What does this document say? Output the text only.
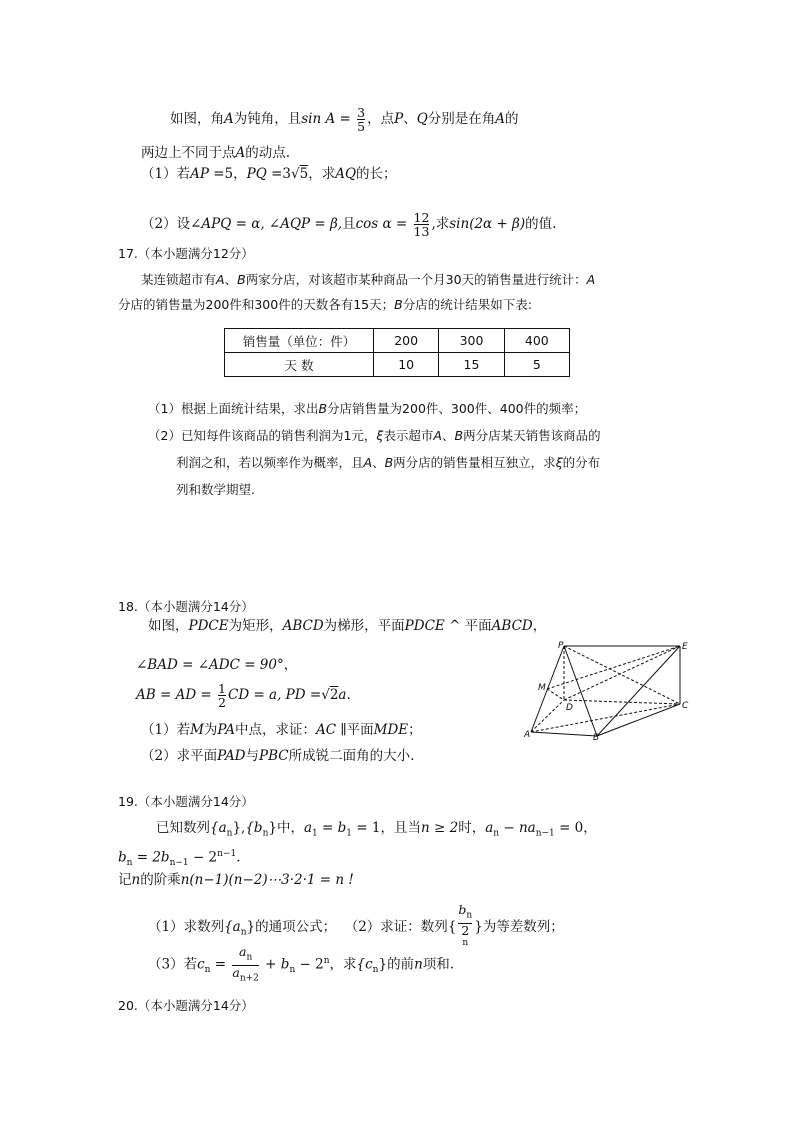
如图，角A为钝角，且$\sin A = \frac{3}{5}$ ，点P、Q分别是在角A的
两边上不同于点A的动点.
（1）若AP =5，PQ =3√5，求AQ的长；
（2）设∠APQ = α, ∠AQP = β,且$\cos \alpha = \frac{12}{13}$ ,求sin(2α + β)的值.
17.（本小题满分12分）
某连锁超市有A、B两家分店，对该超市某种商品一个月30天的销售量进行统计：A
分店的销售量为200件和300件的天数各有15天；B分店的统计结果如下表:
销售量（单位：件）	200	300	400
天 数	10	15	5
（1）根据上面统计结果，求出B分店销售量为200件、300件、400件的频率；
（2）已知每件该商品的销售利润为1元，ξ表示超市A、B两分店某天销售该商品的
利润之和，若以频率作为概率，且A、B两分店的销售量相互独立，求ξ的分布
列和数学期望.
18.（本小题满分14分）
如图，PDCE为矩形，ABCD为梯形，平面PDCE ^ 平面ABCD，
∠BAD = ∠ADC = 90°，
AB = AD = $\frac{1}{2}$ CD = a, PD =√2a.
（1）若M为PA中点，求证：AC ∥平面MDE；
（2）求平面PAD与PBC所成锐二面角的大小.
P	E
M
D	C
A	B
19.（本小题满分14分）
已知数列$\{a_n\},\{b_n\}$中，$a_1 = b_1 = 1$，且当n ≥ 2时，$a_n - na_{n-1} = 0$，
$b_n = 2b_{n-1} - 2^{n-1}$.
记n的阶乘n(n−1)(n−2)⋯3·2·1 = n !
（1）求数列$\{a_n\}$的通项公式； （2）求证：数列{ $b_n$
2
$^n$ }为等差数列；
（3）若$c_n = \frac{a_n}{a_{n+2}} + b_n - 2^n$，求$\{c_n\}$的前n项和.
20.（本小题满分14分）
